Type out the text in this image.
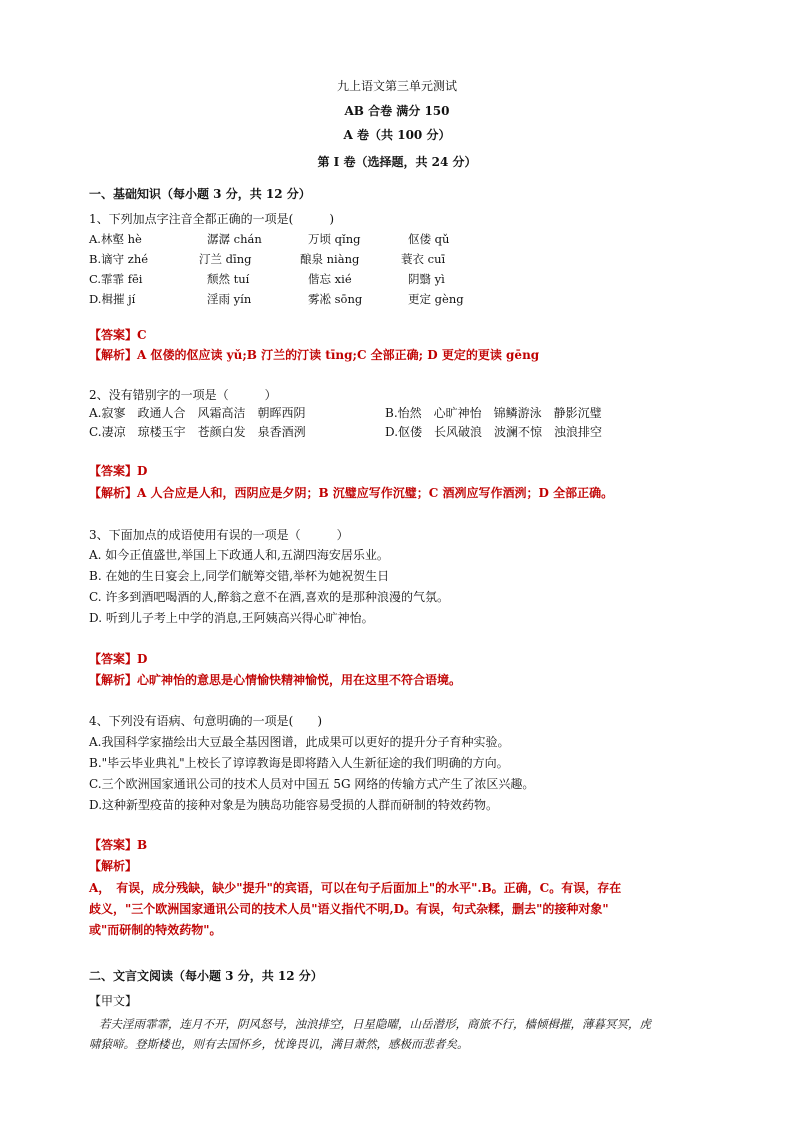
九上语文第三单元测试
AB 合卷 满分 150
A 卷（共 100 分）
第 I 卷（选择题，共 24 分）
一、基础知识（每小题 3 分，共 12 分）
1、下列加点字注音全都正确的一项是(　　　)
A.林壑 hè	潺潺 chán	万顷 qǐng	伛偻 qǔ
B.谪守 zhé	汀兰 dīng	酿泉 niàng	蓑衣 cuī
C.霏霏 fēi	颓然 tuí	偕忘 xié	阴翳 yì
D.楫摧 jí	淫雨 yín	雾凇 sōng	更定 gèng
【答案】C
【解析】A 伛偻的伛应读 yǔ;B 汀兰的汀读 tīng;C 全部正确; D 更定的更读 gēng
2、没有错别字的一项是（　　　）
A.寂寥　政通人合　风霜高洁　朝晖西阴	B.怡然　心旷神怡　锦鳞游泳　静影沉璧
C.凄凉　琼楼玉宇　苍颜白发　泉香酒洌	D.伛偻　长风破浪　波澜不惊　浊浪排空
【答案】D
【解析】A 人合应是人和，西阴应是夕阴；B 沉璧应写作沉璧；C 酒冽应写作酒洌；D 全部正确。
3、下面加点的成语使用有误的一项是（　　　）
A. 如今正值盛世,举国上下政通人和,五湖四海安居乐业。
B. 在她的生日宴会上,同学们觥筹交错,举杯为她祝贺生日
C. 许多到酒吧喝酒的人,醉翁之意不在酒,喜欢的是那种浪漫的气氛。
D. 听到儿子考上中学的消息,王阿姨高兴得心旷神怡。
【答案】D
【解析】心旷神怡的意思是心情愉快精神愉悦，用在这里不符合语境。
4、下列没有语病、句意明确的一项是(　　)
A.我国科学家描绘出大豆最全基因图谱，此成果可以更好的提升分子育种实验。
B."毕云毕业典礼"上校长了谆谆教诲是即将踏入人生新征途的我们明确的方向。
C.三个欧洲国家通讯公司的技术人员对中国五 5G 网络的传输方式产生了浓区兴趣。
D.这种新型疫苗的接种对象是为胰岛功能容易受损的人群而研制的特效药物。
【答案】B
【解析】
A，　有误，成分残缺，缺少"提升"的宾语，可以在句子后面加上"的水平".B。正确，C。有误，存在
歧义，"三个欧洲国家通讯公司的技术人员"语义指代不明,D。有误，句式杂糅，删去"的接种对象"
或"而研制的特效药物"。
二、文言文阅读（每小题 3 分，共 12 分）
【甲文】
若夫淫雨霏霏，连月不开，阴风怒号，浊浪排空，日星隐曜，山岳潜形，商旅不行，樯倾楫摧，薄暮冥冥，虎
啸猿啼。登斯楼也，则有去国怀乡，忧谗畏讥，满目萧然，感极而悲者矣。
